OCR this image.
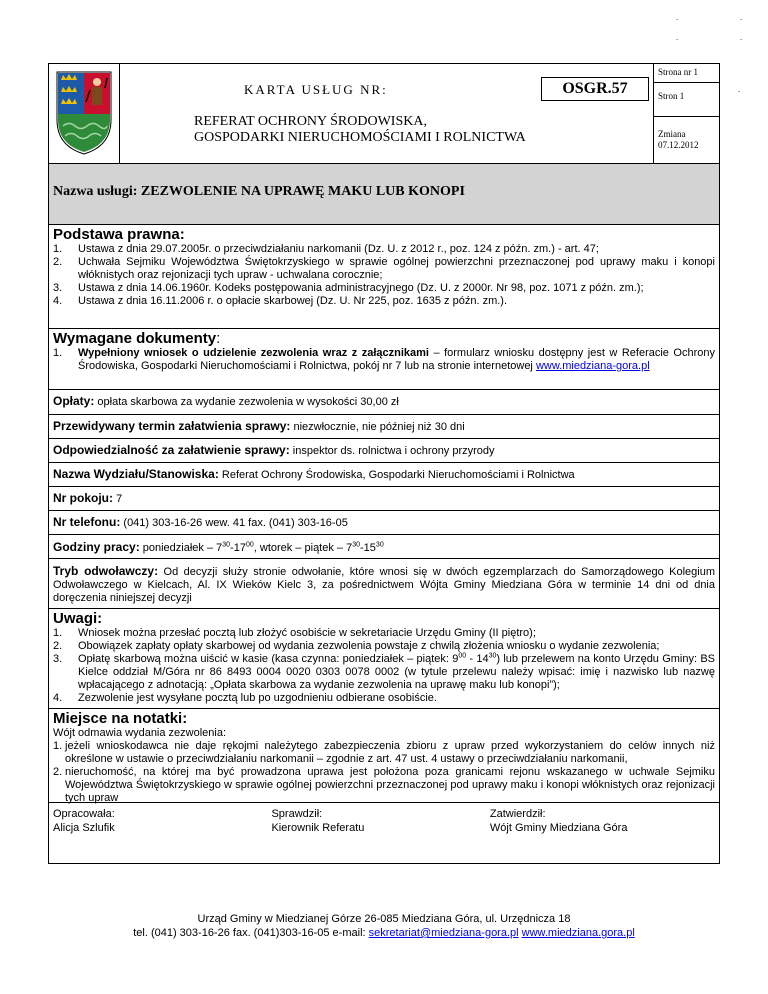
.	.
.	.
.

KARTA USŁUG NR:	OSGR.57
REFERAT OCHRONY ŚRODOWISKA,
GOSPODARKI NIERUCHOMOŚCIAMI I ROLNICTWA

Strona nr 1
Stron 1
Zmiana
07.12.2012
Nazwa usługi: ZEZWOLENIE NA UPRAWĘ MAKU LUB KONOPI
Podstawa prawna:
1. Ustawa z dnia 29.07.2005r. o przeciwdziałaniu narkomanii (Dz. U. z 2012 r., poz. 124 z późn. zm.) - art. 47;
2. Uchwała Sejmiku Województwa Świętokrzyskiego w sprawie ogólnej powierzchni przeznaczonej pod uprawy maku i konopi włóknistych oraz rejonizacji tych upraw - uchwalana corocznie;
3. Ustawa z dnia 14.06.1960r. Kodeks postępowania administracyjnego (Dz. U. z 2000r. Nr 98, poz. 1071 z późn. zm.);
4. Ustawa z dnia 16.11.2006 r. o opłacie skarbowej (Dz. U. Nr 225, poz. 1635 z późn. zm.).
Wymagane dokumenty:
1. Wypełniony wniosek o udzielenie zezwolenia wraz z załącznikami – formularz wniosku dostępny jest w Referacie Ochrony Środowiska, Gospodarki Nieruchomościami i Rolnictwa, pokój nr 7 lub na stronie internetowej www.miedziana-gora.pl
Opłaty: opłata skarbowa za wydanie zezwolenia w wysokości 30,00 zł
Przewidywany termin załatwienia sprawy: niezwłocznie, nie później niż 30 dni
Odpowiedzialność za załatwienie sprawy: inspektor ds. rolnictwa i ochrony przyrody
Nazwa Wydziału/Stanowiska: Referat Ochrony Środowiska, Gospodarki Nieruchomościami i Rolnictwa
Nr pokoju: 7
Nr telefonu: (041) 303-16-26 wew. 41 fax. (041) 303-16-05
Godziny pracy: poniedziałek – $7^{30}-17^{00}$, wtorek – piątek – $7^{30}-15^{30}$
Tryb odwoławczy: Od decyzji służy stronie odwołanie, które wnosi się w dwóch egzemplarzach do Samorządowego Kolegium Odwoławczego w Kielcach, Al. IX Wieków Kielc 3, za pośrednictwem Wójta Gminy Miedziana Góra w terminie 14 dni od dnia doręczenia niniejszej decyzji
Uwagi:
1. Wniosek można przesłać pocztą lub złożyć osobiście w sekretariacie Urzędu Gminy (II piętro);
2. Obowiązek zapłaty opłaty skarbowej od wydania zezwolenia powstaje z chwilą złożenia wniosku o wydanie zezwolenia;
3. Opłatę skarbową można uiścić w kasie (kasa czynna: poniedziałek – piątek: $9^{00} - 14^{30}$) lub przelewem na konto Urzędu Gminy: BS Kielce oddział M/Góra nr 86 8493 0004 0020 0303 0078 0002 (w tytule przelewu należy wpisać: imię i nazwisko lub nazwę wpłacającego z adnotacją: „Opłata skarbowa za wydanie zezwolenia na uprawę maku lub konopi”);
4. Zezwolenie jest wysyłane pocztą lub po uzgodnieniu odbierane osobiście.
Miejsce na notatki:
Wójt odmawia wydania zezwolenia:
1. jeżeli wnioskodawca nie daje rękojmi należytego zabezpieczenia zbioru z upraw przed wykorzystaniem do celów innych niż określone w ustawie o przeciwdziałaniu narkomanii – zgodnie z art. 47 ust. 4 ustawy o przeciwdziałaniu narkomanii,
2. nieruchomość, na której ma być prowadzona uprawa jest położona poza granicami rejonu wskazanego w uchwale Sejmiku Województwa Świętokrzyskiego w sprawie ogólnej powierzchni przeznaczonej pod uprawy maku i konopi włóknistych oraz rejonizacji tych upraw
Opracowała:
Alicja Szlufik
Sprawdził:
Kierownik Referatu
Zatwierdził:
Wójt Gminy Miedziana Góra
Urząd Gminy w Miedzianej Górze 26-085 Miedziana Góra, ul. Urzędnicza 18
tel. (041) 303-16-26 fax. (041)303-16-05 e-mail: sekretariat@miedziana-gora.pl www.miedziana.gora.pl
